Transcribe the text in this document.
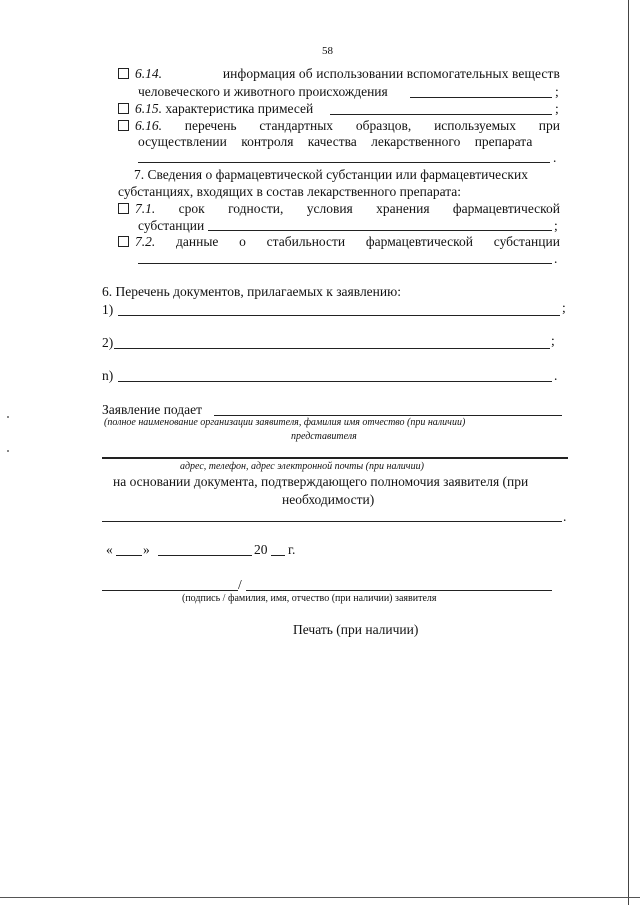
58
6.14.	информация об использовании вспомогательных веществ
человеческого и животного происхождения	;
6.15. характеристика примесей	;
6.16. перечень стандартных образцов, используемых при
осуществлении контроля качества лекарственного препарата
.
7. Сведения о фармацевтической субстанции или фармацевтических
субстанциях, входящих в состав лекарственного препарата:
7.1. срок годности, условия хранения фармацевтической
субстанции	;
7.2. данные о стабильности фармацевтической субстанции
.
6. Перечень документов, прилагаемых к заявлению:
1)	;
2)	;
n)	.
Заявление подает
(полное наименование организации заявителя, фамилия имя отчество (при наличии)
представителя
адрес, телефон, адрес электронной почты (при наличии)
на основании документа, подтверждающего полномочия заявителя (при
необходимости)
.
« »	20 г.
/
(подпись / фамилия, имя, отчество (при наличии) заявителя
Печать (при наличии)
